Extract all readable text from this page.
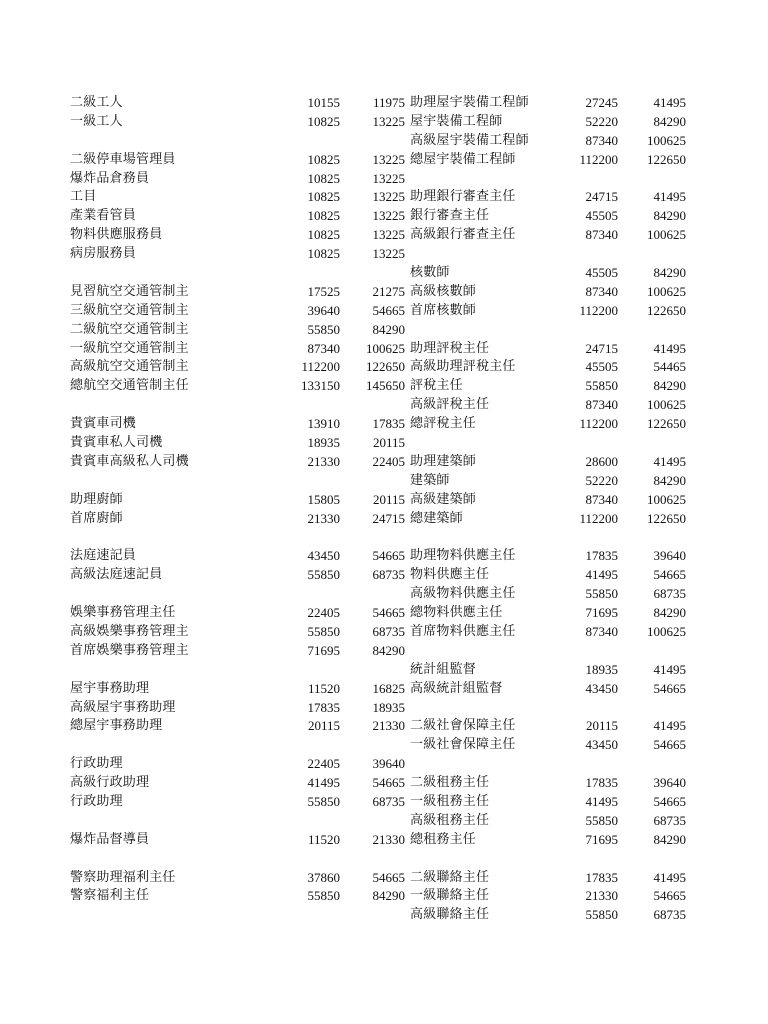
二級工人	10155	11975
一級工人	10825	13225
二級停車場管理員	10825	13225
爆炸品倉務員	10825	13225
工目	10825	13225
產業看管員	10825	13225
物料供應服務員	10825	13225
病房服務員	10825	13225
見習航空交通管制主	17525	21275
三級航空交通管制主	39640	54665
二級航空交通管制主	55850	84290
一級航空交通管制主	87340	100625
高級航空交通管制主	112200	122650
總航空交通管制主任	133150	145650
貴賓車司機	13910	17835
貴賓車私人司機	18935	20115
貴賓車高級私人司機	21330	22405
助理廚師	15805	20115
首席廚師	21330	24715
法庭速記員	43450	54665
高級法庭速記員	55850	68735
娛樂事務管理主任	22405	54665
高級娛樂事務管理主	55850	68735
首席娛樂事務管理主	71695	84290
屋宇事務助理	11520	16825
高級屋宇事務助理	17835	18935
總屋宇事務助理	20115	21330
行政助理	22405	39640
高級行政助理	41495	54665
行政助理	55850	68735
爆炸品督導員	11520	21330
警察助理福利主任	37860	54665
警察福利主任	55850	84290
助理屋宇裝備工程師	27245	41495
屋宇裝備工程師	52220	84290
高級屋宇裝備工程師	87340	100625
總屋宇裝備工程師	112200	122650
助理銀行審查主任	24715	41495
銀行審查主任	45505	84290
高級銀行審查主任	87340	100625
核數師	45505	84290
高級核數師	87340	100625
首席核數師	112200	122650
助理評稅主任	24715	41495
高級助理評稅主任	45505	54465
評稅主任	55850	84290
高級評稅主任	87340	100625
總評稅主任	112200	122650
助理建築師	28600	41495
建築師	52220	84290
高級建築師	87340	100625
總建築師	112200	122650
助理物料供應主任	17835	39640
物料供應主任	41495	54665
高級物料供應主任	55850	68735
總物料供應主任	71695	84290
首席物料供應主任	87340	100625
統計組監督	18935	41495
高級統計組監督	43450	54665
二級社會保障主任	20115	41495
一級社會保障主任	43450	54665
二級租務主任	17835	39640
一級租務主任	41495	54665
高級租務主任	55850	68735
總租務主任	71695	84290
二級聯絡主任	17835	41495
一級聯絡主任	21330	54665
高級聯絡主任	55850	68735
